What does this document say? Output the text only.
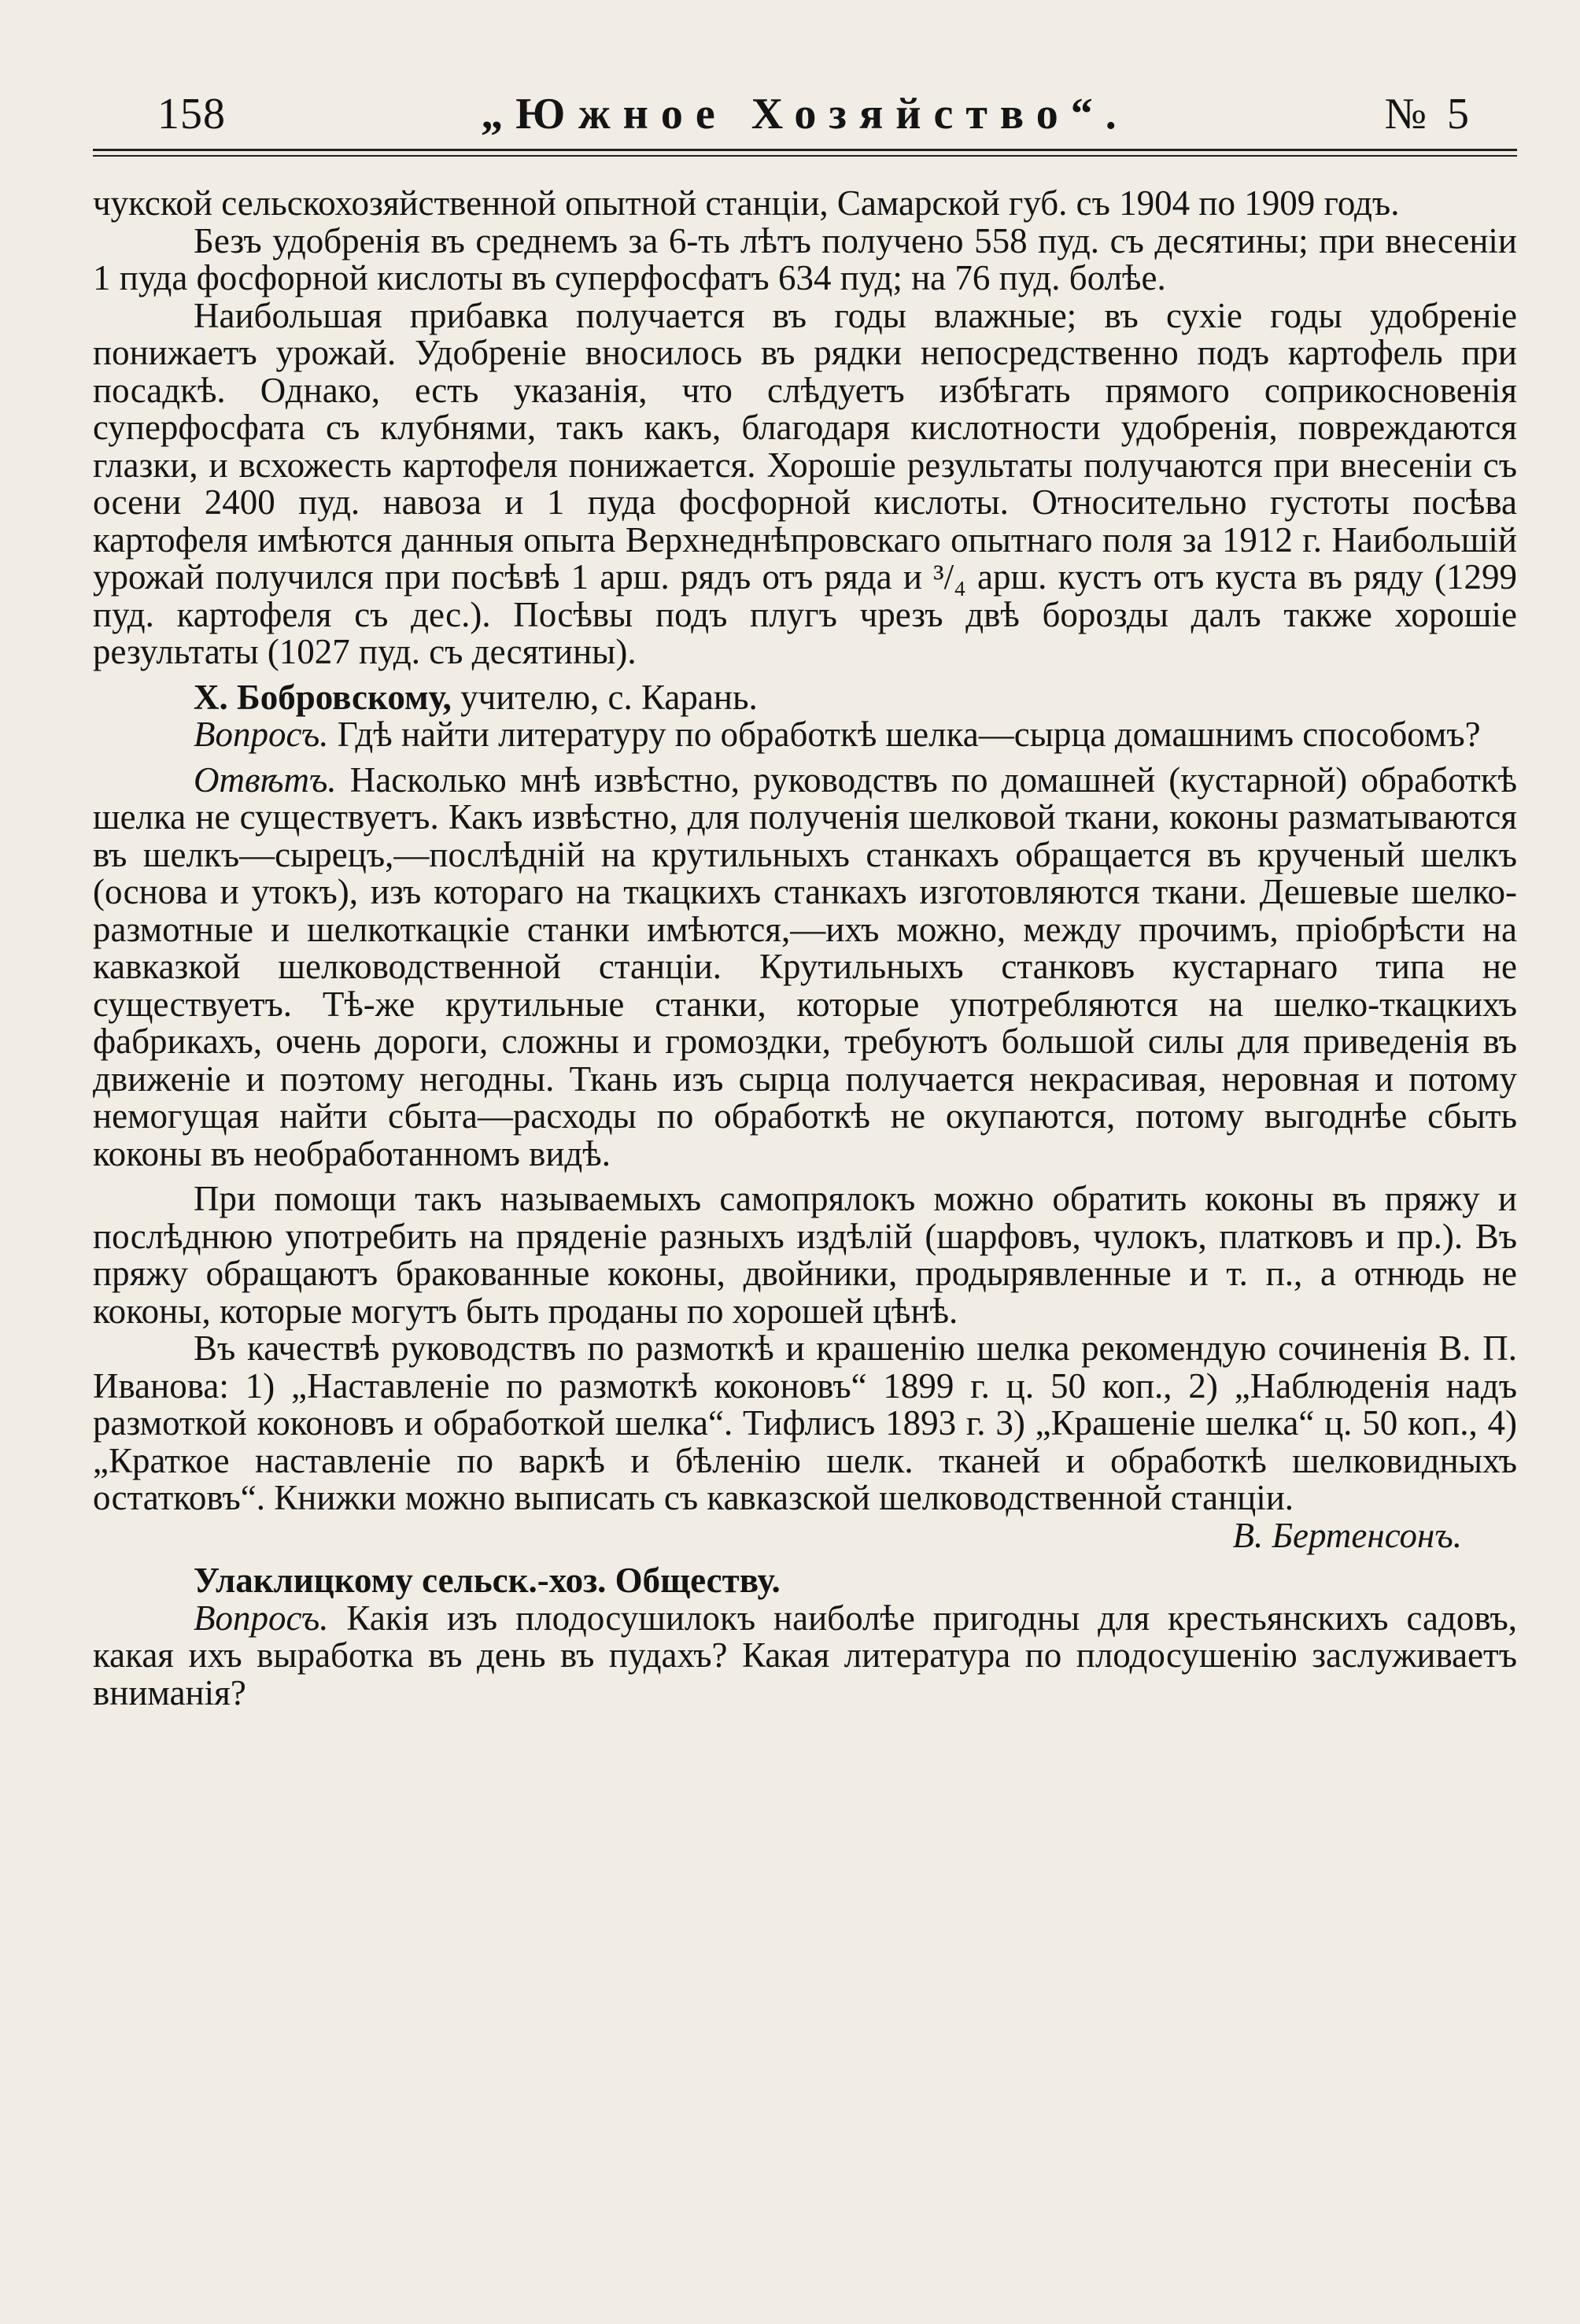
158	„Южное Хозяйство“.	№ 5

чукской сельскохозяйственной опытной станціи, Самарской губ. съ 1904 по 1909 годъ.

Безъ удобренія въ среднемъ за 6-ть лѣтъ получено 558 пуд. съ десятины; при внесеніи 1 пуда фосфорной кислоты въ суперфосфатъ 634 пуд; на 76 пуд. болѣе.

Наибольшая прибавка получается въ годы влажные; въ сухіе годы удобреніе понижаетъ урожай. Удобреніе вносилось въ рядки непосредственно подъ картофель при посадкѣ. Однако, есть указанія, что слѣдуетъ избѣгать прямого соприкосновенія суперфосфата съ клубнями, такъ какъ, благодаря кислотности удобренія, повреждаются глазки, и всхожесть картофеля понижается. Хорошіе результаты получаются при внесеніи съ осени 2400 пуд. навоза и 1 пуда фосфорной кислоты. Относительно густоты посѣва картофеля имѣются данныя опыта Верхнеднѣпровскаго опытнаго поля за 1912 г. Наибольшій урожай получился при посѣвѣ 1 арш. рядъ отъ ряда и ³/₄ арш. кустъ отъ куста въ ряду (1299 пуд. картофеля съ дес.). Посѣвы подъ плугъ чрезъ двѣ борозды далъ также хорошіе результаты (1027 пуд. съ десятины).

Х. Бобровскому, учителю, с. Карань.

Вопросъ. Гдѣ найти литературу по обработкѣ шелка—сырца домашнимъ способомъ?

Отвѣтъ. Насколько мнѣ извѣстно, руководствъ по домашней (кустарной) обработкѣ шелка не существуетъ. Какъ извѣстно, для полученія шелковой ткани, коконы разматываются въ шелкъ—сырецъ,—послѣдній на крутильныхъ станкахъ обращается въ крученый шелкъ (основа и утокъ), изъ котораго на ткацкихъ станкахъ изготовляются ткани. Дешевые шелко-размотные и шелкоткацкіе станки имѣются,—ихъ можно, между прочимъ, пріобрѣсти на кавказкой шелководственной станціи. Крутильныхъ станковъ кустарнаго типа не существуетъ. Тѣ-же крутильные станки, которые употребляются на шелко-ткацкихъ фабрикахъ, очень дороги, сложны и громоздки, требуютъ большой силы для приведенія въ движеніе и поэтому негодны. Ткань изъ сырца получается некрасивая, неровная и потому немогущая найти сбыта—расходы по обработкѣ не окупаются, потому выгоднѣе сбыть коконы въ необработанномъ видѣ.

При помощи такъ называемыхъ самопрялокъ можно обратить коконы въ пряжу и послѣднюю употребить на пряденіе разныхъ издѣлій (шарфовъ, чулокъ, платковъ и пр.). Въ пряжу обращаютъ бракованные коконы, двойники, продырявленные и т. п., а отнюдь не коконы, которые могутъ быть проданы по хорошей цѣнѣ.

Въ качествѣ руководствъ по размоткѣ и крашенію шелка рекомендую сочиненія В. П. Иванова: 1) „Наставленіе по размоткѣ коконовъ“ 1899 г. ц. 50 коп., 2) „Наблюденія надъ размоткой коконовъ и обработкой шелка“. Тифлисъ 1893 г. 3) „Крашеніе шелка“ ц. 50 коп., 4) „Краткое наставленіе по варкѣ и бѣленію шелк. тканей и обработкѣ шелковидныхъ остатковъ“. Книжки можно выписать съ кавказской шелководственной станціи.
В. Бертенсонъ.

Улаклицкому сельск.-хоз. Обществу.

Вопросъ. Какія изъ плодосушилокъ наиболѣе пригодны для крестьянскихъ садовъ, какая ихъ выработка въ день въ пудахъ? Какая литература по плодосушенію заслуживаетъ вниманія?
